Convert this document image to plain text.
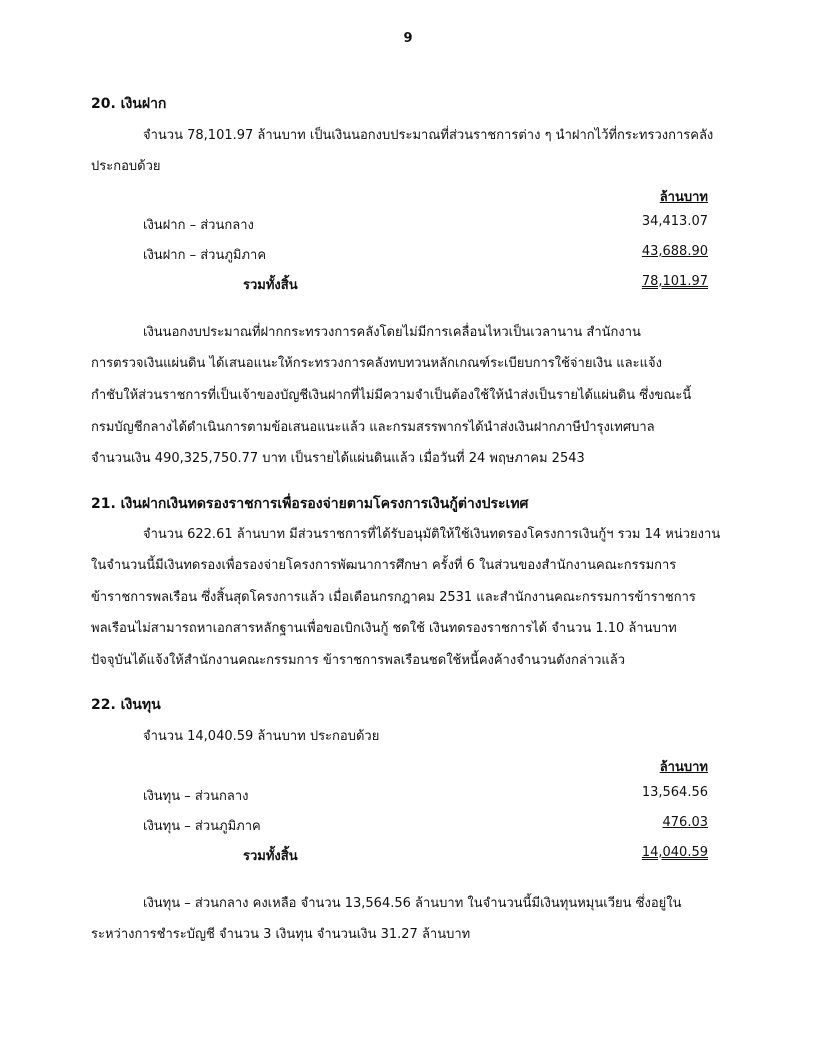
9
20. เงินฝาก
จำนวน 78,101.97 ล้านบาท เป็นเงินนอกงบประมาณที่ส่วนราชการต่าง ๆ นำฝากไว้ที่กระทรวงการคลัง
ประกอบด้วย
ล้านบาท
เงินฝาก – ส่วนกลาง	34,413.07
เงินฝาก – ส่วนภูมิภาค	43,688.90
รวมทั้งสิ้น	78,101.97
เงินนอกงบประมาณที่ฝากกระทรวงการคลังโดยไม่มีการเคลื่อนไหวเป็นเวลานาน สำนักงาน
การตรวจเงินแผ่นดิน ได้เสนอแนะให้กระทรวงการคลังทบทวนหลักเกณฑ์ระเบียบการใช้จ่ายเงิน และแจ้ง
กำชับให้ส่วนราชการที่เป็นเจ้าของบัญชีเงินฝากที่ไม่มีความจำเป็นต้องใช้ให้นำส่งเป็นรายได้แผ่นดิน ซึ่งขณะนี้
กรมบัญชีกลางได้ดำเนินการตามข้อเสนอแนะแล้ว และกรมสรรพากรได้นำส่งเงินฝากภาษีบำรุงเทศบาล
จำนวนเงิน 490,325,750.77 บาท เป็นรายได้แผ่นดินแล้ว เมื่อวันที่ 24 พฤษภาคม 2543
21. เงินฝากเงินทดรองราชการเพื่อรองจ่ายตามโครงการเงินกู้ต่างประเทศ
จำนวน 622.61 ล้านบาท มีส่วนราชการที่ได้รับอนุมัติให้ใช้เงินทดรองโครงการเงินกู้ฯ รวม 14 หน่วยงาน
ในจำนวนนี้มีเงินทดรองเพื่อรองจ่ายโครงการพัฒนาการศึกษา ครั้งที่ 6 ในส่วนของสำนักงานคณะกรรมการ
ข้าราชการพลเรือน ซึ่งสิ้นสุดโครงการแล้ว เมื่อเดือนกรกฎาคม 2531 และสำนักงานคณะกรรมการข้าราชการ
พลเรือนไม่สามารถหาเอกสารหลักฐานเพื่อขอเบิกเงินกู้ ชดใช้ เงินทดรองราชการได้ จำนวน 1.10 ล้านบาท
ปัจจุบันได้แจ้งให้สำนักงานคณะกรรมการ ข้าราชการพลเรือนชดใช้หนี้คงค้างจำนวนดังกล่าวแล้ว
22. เงินทุน
จำนวน 14,040.59 ล้านบาท ประกอบด้วย
ล้านบาท
เงินทุน – ส่วนกลาง	13,564.56
เงินทุน – ส่วนภูมิภาค	476.03
รวมทั้งสิ้น	14,040.59
เงินทุน – ส่วนกลาง คงเหลือ จำนวน 13,564.56 ล้านบาท ในจำนวนนี้มีเงินทุนหมุนเวียน ซึ่งอยู่ใน
ระหว่างการชำระบัญชี จำนวน 3 เงินทุน จำนวนเงิน 31.27 ล้านบาท
